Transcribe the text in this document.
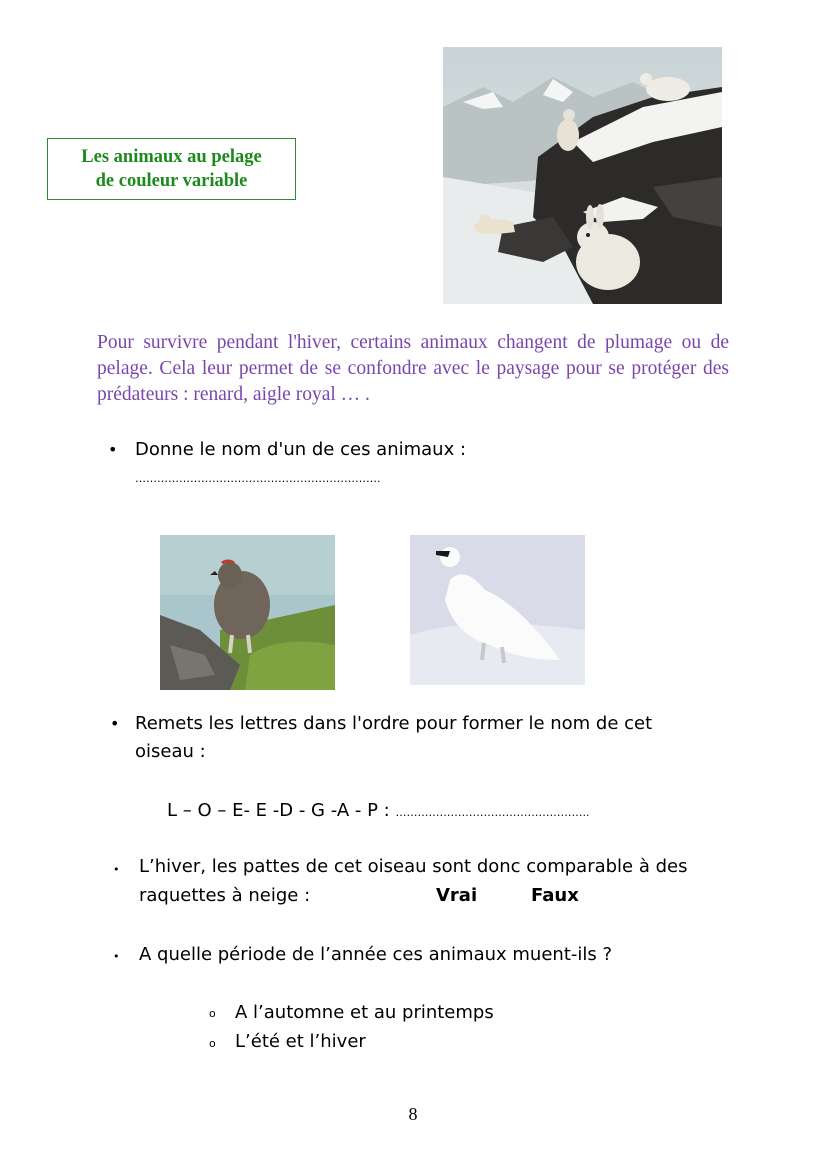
Les animaux au pelage
de couleur variable
Pour survivre pendant l'hiver, certains animaux changent de plumage ou de pelage. Cela leur permet de se confondre avec le paysage pour se protéger des prédateurs : renard, aigle royal … .
• Donne le nom d'un de ces animaux :
………………………………………………………….
• Remets les lettres dans l'ordre pour former le nom de cet
oiseau :
L – O – E- E -D - G -A - P : ……………………………………………..
• L’hiver, les pattes de cet oiseau sont donc comparable à des
raquettes à neige :	Vrai	Faux
• A quelle période de l’année ces animaux muent-ils ?
o A l’automne et au printemps
o L’été et l’hiver
8
